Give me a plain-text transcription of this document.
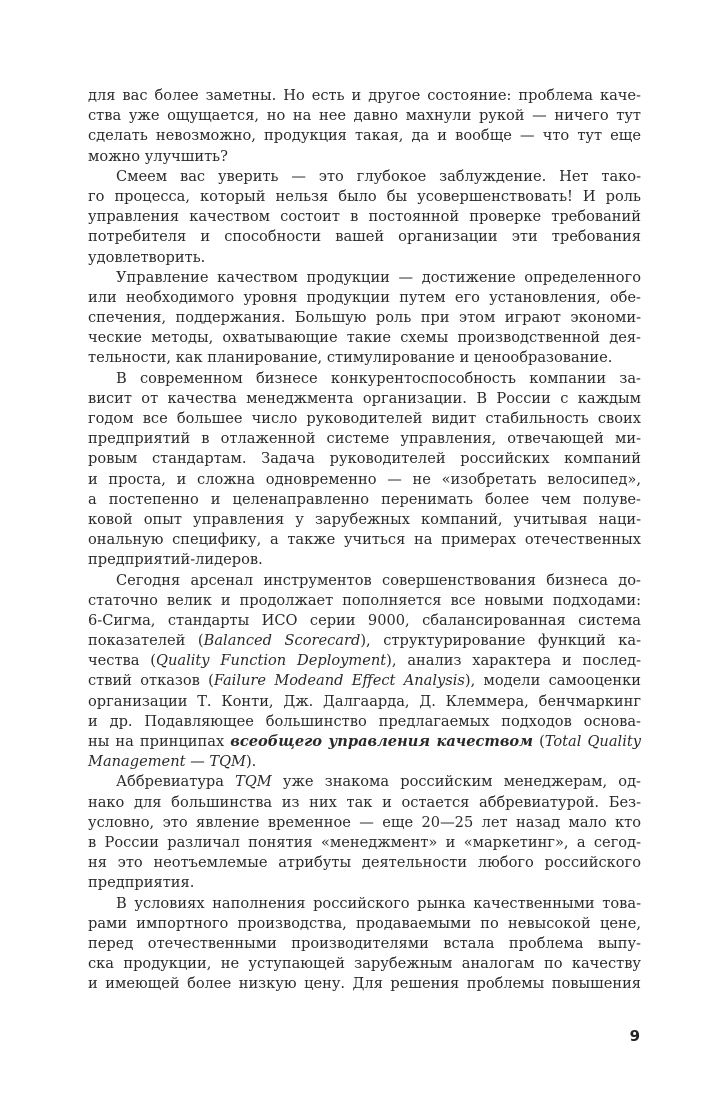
для вас более заметны. Но есть и другое состояние: проблема каче-
ства уже ощущается, но на нее давно махнули рукой — ничего тут
сделать невозможно, продукция такая, да и вообще — что тут еще
можно улучшить?
Смеем вас уверить — это глубокое заблуждение. Нет тако-
го процесса, который нельзя было бы усовершенствовать! И роль
управления качеством состоит в постоянной проверке требований
потребителя и способности вашей организации эти требования
удовлетворить.
Управление качеством продукции — достижение определенного
или необходимого уровня продукции путем его установления, обе-
спечения, поддержания. Большую роль при этом играют экономи-
ческие методы, охватывающие такие схемы производственной дея-
тельности, как планирование, стимулирование и ценообразование.
В современном бизнесе конкурентоспособность компании за-
висит от качества менеджмента организации. В России с каждым
годом все большее число руководителей видит стабильность своих
предприятий в отлаженной системе управления, отвечающей ми-
ровым стандартам. Задача руководителей российских компаний
и проста, и сложна одновременно — не «изобретать велосипед»,
а постепенно и целенаправленно перенимать более чем полуве-
ковой опыт управления у зарубежных компаний, учитывая наци-
ональную специфику, а также учиться на примерах отечественных
предприятий-лидеров.
Сегодня арсенал инструментов совершенствования бизнеса до-
статочно велик и продолжает пополняется все новыми подходами:
6-Сигма, стандарты ИСО серии 9000, сбалансированная система
показателей (Balanced Scorecard), структурирование функций ка-
чества (Quality Function Deployment), анализ характера и послед-
ствий отказов (Failure Modeand Effect Analysis), модели самооценки
организации Т. Конти, Дж. Далгаарда, Д. Клеммера, бенчмаркинг
и др. Подавляющее большинство предлагаемых подходов основа-
ны на принципах всеобщего управления качеством (Total Quality
Management — TQM).
Аббревиатура TQM уже знакома российским менеджерам, од-
нако для большинства из них так и остается аббревиатурой. Без-
условно, это явление временное — еще 20—25 лет назад мало кто
в России различал понятия «менеджмент» и «маркетинг», а сегод-
ня это неотъемлемые атрибуты деятельности любого российского
предприятия.
В условиях наполнения российского рынка качественными това-
рами импортного производства, продаваемыми по невысокой цене,
перед отечественными производителями встала проблема выпу-
ска продукции, не уступающей зарубежным аналогам по качеству
и имеющей более низкую цену. Для решения проблемы повышения
9
